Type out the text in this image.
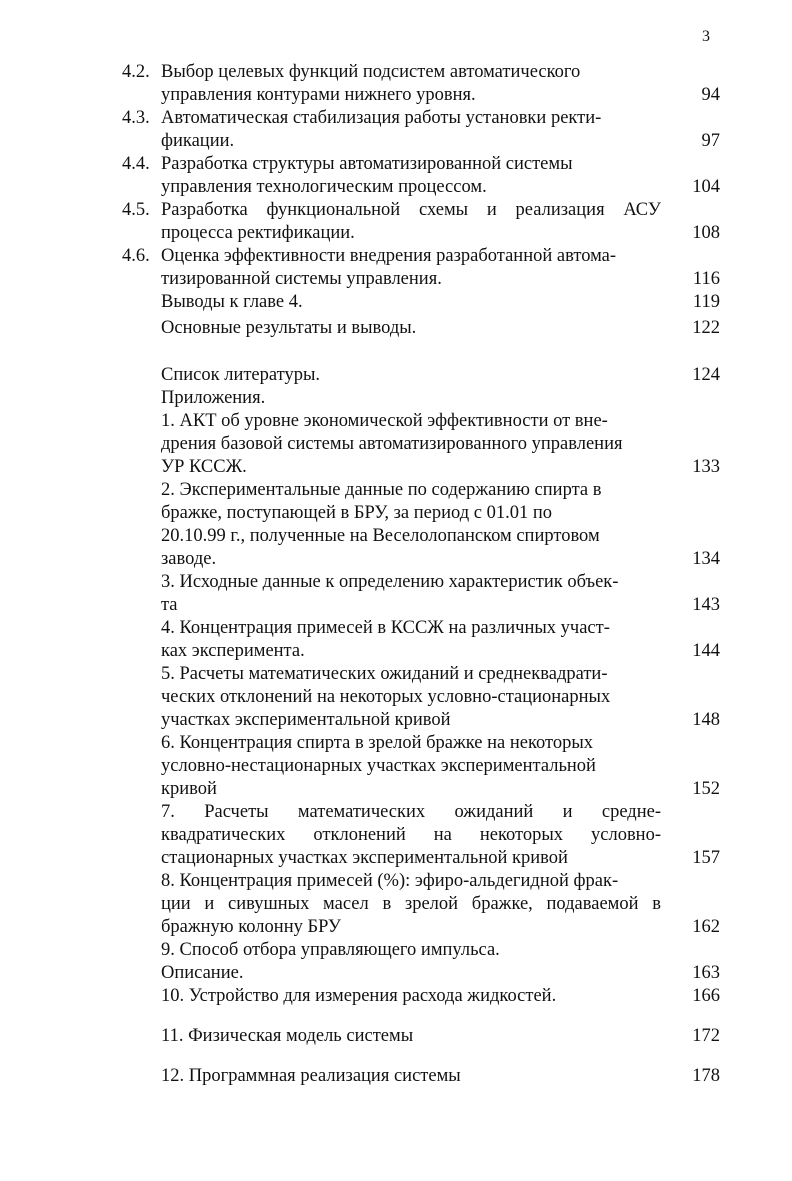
3
4.2. Выбор целевых функций подсистем автоматического
управления контурами нижнего уровня.	94
4.3. Автоматическая стабилизация работы установки ректи-
фикации.	97
4.4. Разработка структуры автоматизированной системы
управления технологическим процессом.	104
4.5. Разработка функциональной схемы и реализация АСУ
процесса ректификации.	108
4.6. Оценка эффективности внедрения разработанной автома-
тизированной системы управления.	116
Выводы к главе 4.	119
Основные результаты и выводы.	122
Список литературы.	124
Приложения.
1. АКТ об уровне экономической эффективности от вне-
дрения базовой системы автоматизированного управления
УР КССЖ.	133
2. Экспериментальные данные по содержанию спирта в
бражке, поступающей в БРУ, за период с 01.01 по
20.10.99 г., полученные на Веселолопанском спиртовом
заводе.	134
3. Исходные данные к определению характеристик объек-
та	143
4. Концентрация примесей в КССЖ на различных участ-
ках эксперимента.	144
5. Расчеты математических ожиданий и среднеквадрати-
ческих отклонений на некоторых условно-стационарных
участках экспериментальной кривой	148
6. Концентрация спирта в зрелой бражке на некоторых
условно-нестационарных участках экспериментальной
кривой	152
7. Расчеты математических ожиданий и средне-
квадратических отклонений на некоторых условно-
стационарных участках экспериментальной кривой	157
8. Концентрация примесей (%): эфиро-альдегидной фрак-
ции и сивушных масел в зрелой бражке, подаваемой в
бражную колонну БРУ	162
9. Способ отбора управляющего импульса.
Описание.	163
10. Устройство для измерения расхода жидкостей.	166
11. Физическая модель системы	172
12. Программная реализация системы	178
